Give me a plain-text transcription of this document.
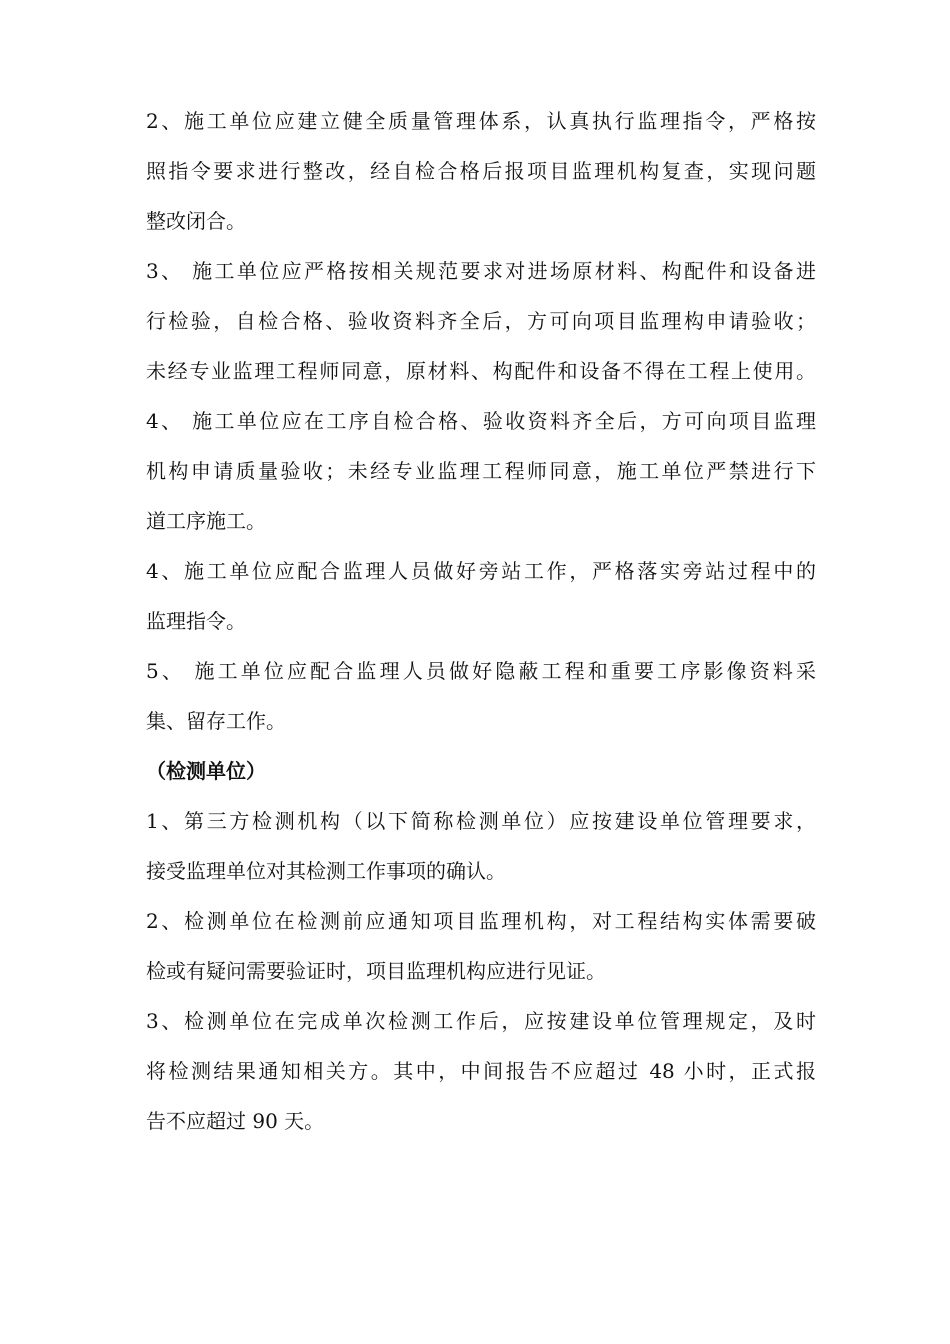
2、施工单位应建立健全质量管理体系，认真执行监理指令，严格按
照指令要求进行整改，经自检合格后报项目监理机构复查，实现问题
整改闭合。
3、 施工单位应严格按相关规范要求对进场原材料、构配件和设备进
行检验，自检合格、验收资料齐全后，方可向项目监理构申请验收；
未经专业监理工程师同意，原材料、构配件和设备不得在工程上使用。
4、 施工单位应在工序自检合格、验收资料齐全后，方可向项目监理
机构申请质量验收；未经专业监理工程师同意，施工单位严禁进行下
道工序施工。
4、施工单位应配合监理人员做好旁站工作，严格落实旁站过程中的
监理指令。
5、 施工单位应配合监理人员做好隐蔽工程和重要工序影像资料采
集、留存工作。
（检测单位）
1、第三方检测机构（以下简称检测单位）应按建设单位管理要求，
接受监理单位对其检测工作事项的确认。
2、检测单位在检测前应通知项目监理机构，对工程结构实体需要破
检或有疑问需要验证时，项目监理机构应进行见证。
3、检测单位在完成单次检测工作后，应按建设单位管理规定，及时
将检测结果通知相关方。其中，中间报告不应超过 48 小时，正式报
告不应超过 90 天。
